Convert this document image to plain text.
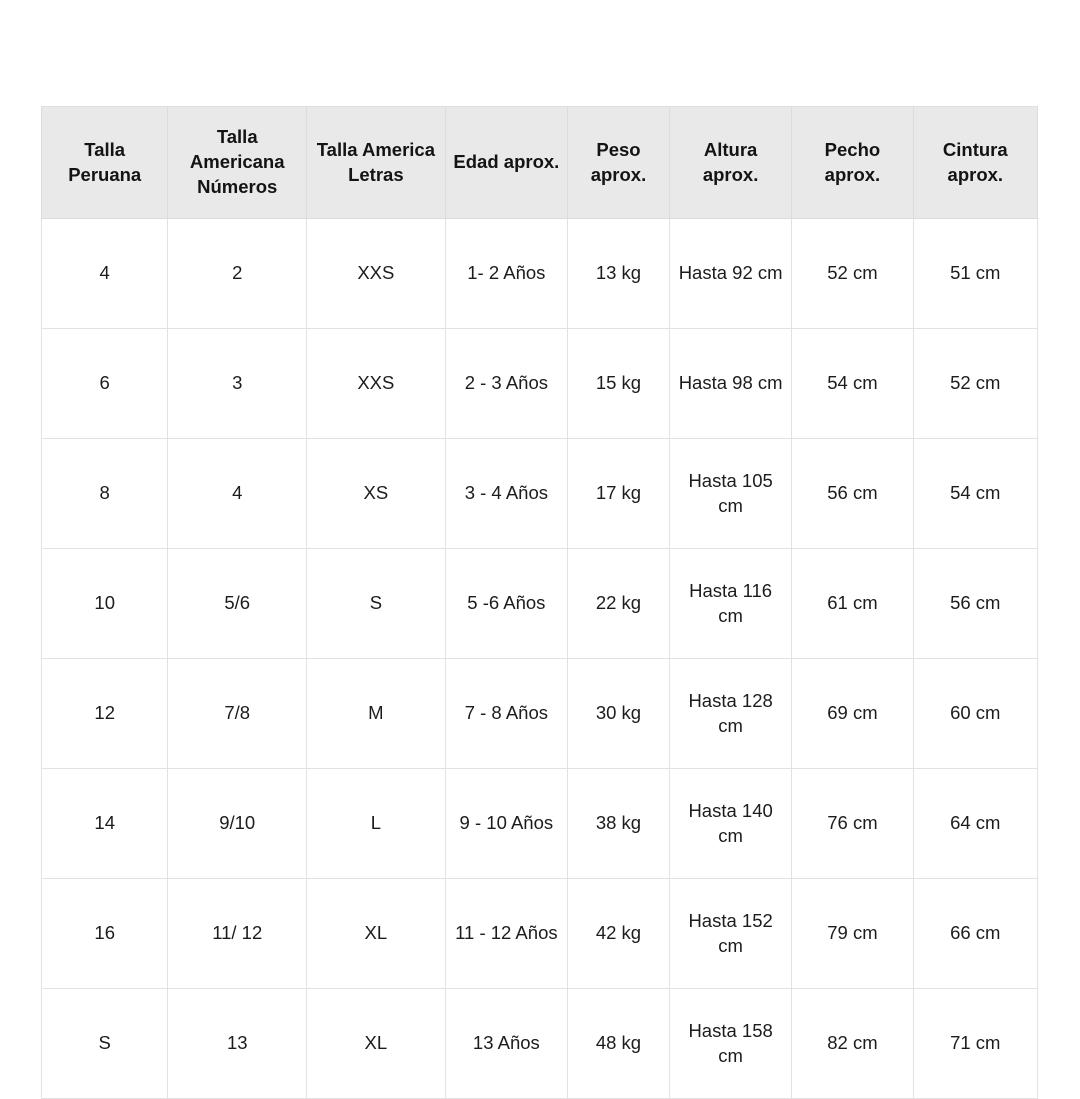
Talla Peruana	Talla Americana Números	Talla America Letras	Edad aprox.	Peso aprox.	Altura aprox.	Pecho aprox.	Cintura aprox.
4	2	XXS	1- 2 Años	13 kg	Hasta 92 cm	52 cm	51 cm
6	3	XXS	2 - 3 Años	15 kg	Hasta 98 cm	54 cm	52 cm
8	4	XS	3 - 4 Años	17 kg	Hasta 105 cm	56 cm	54 cm
10	5/6	S	5 -6 Años	22 kg	Hasta 116 cm	61 cm	56 cm
12	7/8	M	7 - 8 Años	30 kg	Hasta 128 cm	69 cm	60 cm
14	9/10	L	9 - 10 Años	38 kg	Hasta 140 cm	76 cm	64 cm
16	11/ 12	XL	11 - 12 Años	42 kg	Hasta 152 cm	79 cm	66 cm
S	13	XL	13 Años	48 kg	Hasta 158 cm	82 cm	71 cm
